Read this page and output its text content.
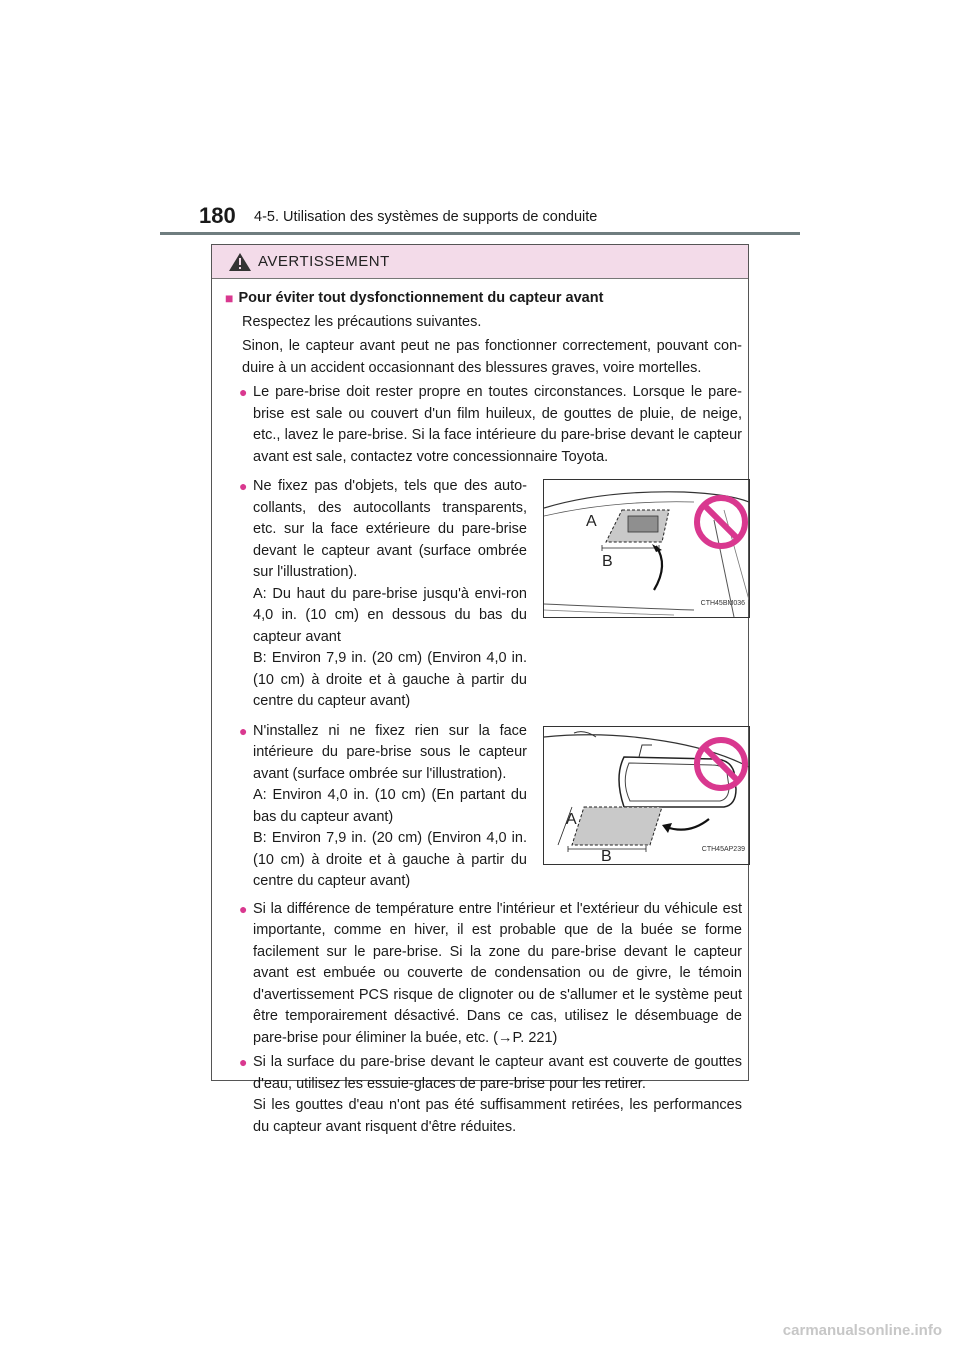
180 4-5. Utilisation des systèmes de supports de conduite
AVERTISSEMENT
■ Pour éviter tout dysfonctionnement du capteur avant
Respectez les précautions suivantes.
Sinon, le capteur avant peut ne pas fonctionner correctement, pouvant con-duire à un accident occasionnant des blessures graves, voire mortelles.
● Le pare-brise doit rester propre en toutes circonstances. Lorsque le pare-brise est sale ou couvert d'un film huileux, de gouttes de pluie, de neige, etc., lavez le pare-brise. Si la face intérieure du pare-brise devant le capteur avant est sale, contactez votre concessionnaire Toyota.
● Ne fixez pas d'objets, tels que des auto-collants, des autocollants transparents, etc. sur la face extérieure du pare-brise devant le capteur avant (surface ombrée sur l'illustration).
A: Du haut du pare-brise jusqu'à envi-ron 4,0 in. (10 cm) en dessous du bas du capteur avant
B: Environ 7,9 in. (20 cm) (Environ 4,0 in. (10 cm) à droite et à gauche à partir du centre du capteur avant)
A
B
CTH45BM036
● N'installez ni ne fixez rien sur la face intérieure du pare-brise sous le capteur avant (surface ombrée sur l'illustration).
A: Environ 4,0 in. (10 cm) (En partant du bas du capteur avant)
B: Environ 7,9 in. (20 cm) (Environ 4,0 in. (10 cm) à droite et à gauche à partir du centre du capteur avant)
A
B	CTH45AP239
● Si la différence de température entre l'intérieur et l'extérieur du véhicule est importante, comme en hiver, il est probable que de la buée se forme facilement sur le pare-brise. Si la zone du pare-brise devant le capteur avant est embuée ou couverte de condensation ou de givre, le témoin d'avertissement PCS risque de clignoter ou de s'allumer et le système peut être temporairement désactivé. Dans ce cas, utilisez le désembuage de pare-brise pour éliminer la buée, etc. (→P. 221)
● Si la surface du pare-brise devant le capteur avant est couverte de gouttes d'eau, utilisez les essuie-glaces de pare-brise pour les retirer.
Si les gouttes d'eau n'ont pas été suffisamment retirées, les performances du capteur avant risquent d'être réduites.
carmanualsonline.info
